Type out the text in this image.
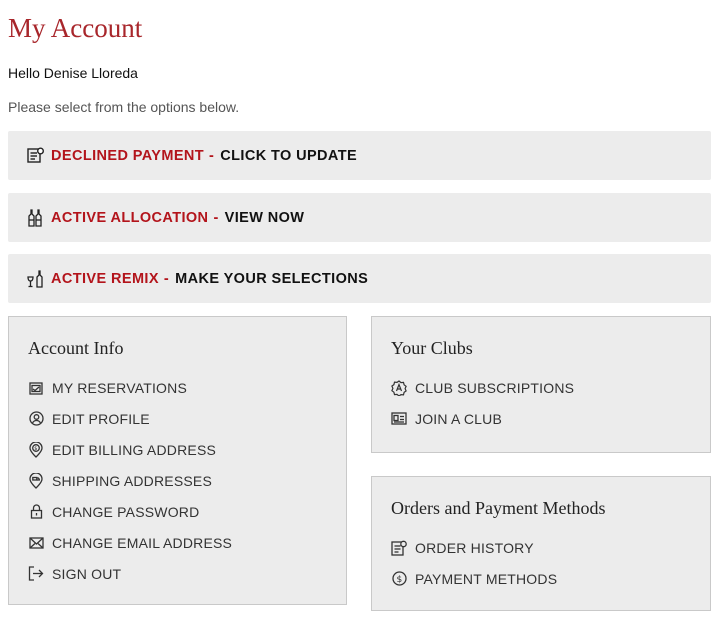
My Account

Hello Denise Lloreda

Please select from the options below.

DECLINED PAYMENT - CLICK TO UPDATE
ACTIVE ALLOCATION - VIEW NOW
ACTIVE REMIX - MAKE YOUR SELECTIONS
Account Info
MY RESERVATIONS
EDIT PROFILE
$ EDIT BILLING ADDRESS
SHIPPING ADDRESSES
CHANGE PASSWORD
CHANGE EMAIL ADDRESS
SIGN OUT
Your Clubs
CLUB SUBSCRIPTIONS
JOIN A CLUB
Orders and Payment Methods
ORDER HISTORY
$ PAYMENT METHODS
